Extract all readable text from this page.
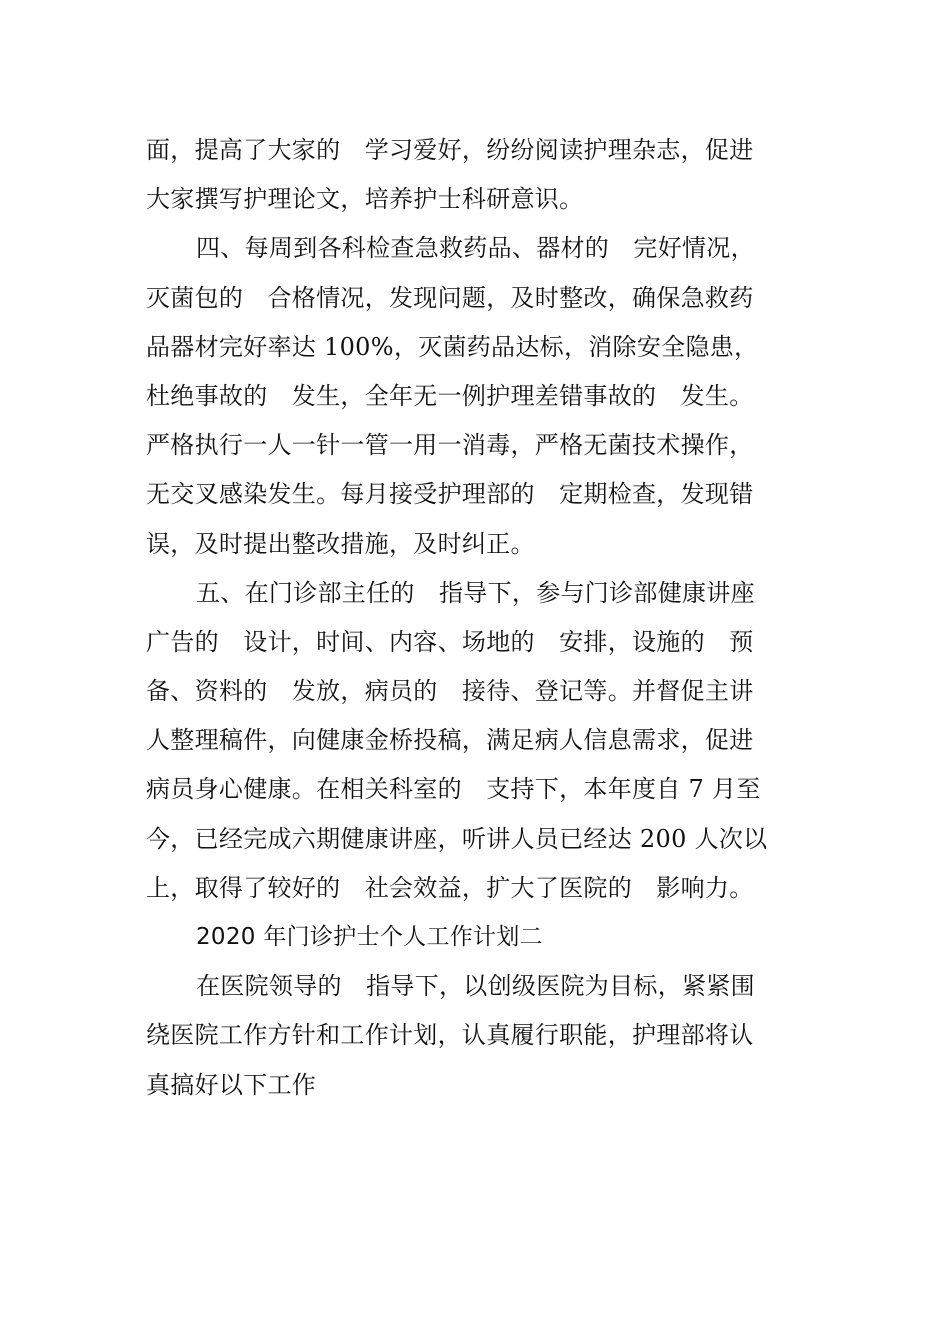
面，提高了大家的　学习爱好，纷纷阅读护理杂志，促进
大家撰写护理论文，培养护士科研意识。
四、每周到各科检查急救药品、器材的　完好情况，
灭菌包的　合格情况，发现问题，及时整改，确保急救药
品器材完好率达 100%，灭菌药品达标，消除安全隐患，
杜绝事故的　发生，全年无一例护理差错事故的　发生。
严格执行一人一针一管一用一消毒，严格无菌技术操作，
无交叉感染发生。每月接受护理部的　定期检查，发现错
误，及时提出整改措施，及时纠正。
五、在门诊部主任的　指导下，参与门诊部健康讲座
广告的　设计，时间、内容、场地的　安排，设施的　预
备、资料的　发放，病员的　接待、登记等。并督促主讲
人整理稿件，向健康金桥投稿，满足病人信息需求，促进
病员身心健康。在相关科室的　支持下，本年度自 7 月至
今，已经完成六期健康讲座，听讲人员已经达 200 人次以
上，取得了较好的　社会效益，扩大了医院的　影响力。
2020 年门诊护士个人工作计划二
在医院领导的　指导下，以创级医院为目标，紧紧围
绕医院工作方针和工作计划，认真履行职能，护理部将认
真搞好以下工作
